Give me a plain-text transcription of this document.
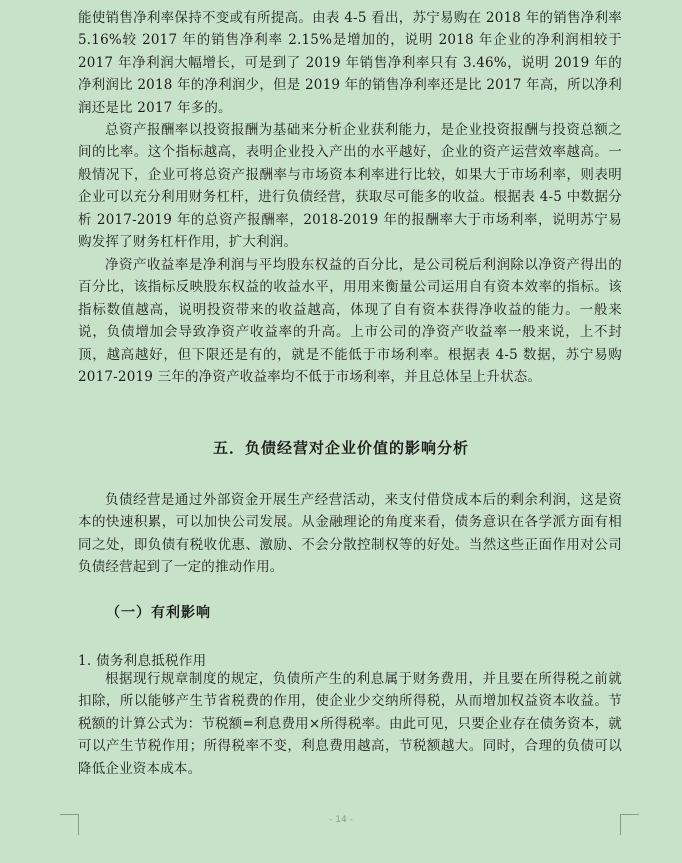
能使销售净利率保持不变或有所提高。由表 4-5 看出，苏宁易购在 2018 年的销售净利率 5.16%较 2017 年的销售净利率 2.15%是增加的，说明 2018 年企业的净利润相较于 2017 年净利润大幅增长，可是到了 2019 年销售净利率只有 3.46%，说明 2019 年的净利润比 2018 年的净利润少，但是 2019 年的销售净利率还是比 2017 年高，所以净利润还是比 2017 年多的。

总资产报酬率以投资报酬为基础来分析企业获利能力，是企业投资报酬与投资总额之间的比率。这个指标越高，表明企业投入产出的水平越好，企业的资产运营效率越高。一般情况下，企业可将总资产报酬率与市场资本利率进行比较，如果大于市场利率，则表明企业可以充分利用财务杠杆，进行负债经营，获取尽可能多的收益。根据表 4-5 中数据分析 2017-2019 年的总资产报酬率，2018-2019 年的报酬率大于市场利率，说明苏宁易购发挥了财务杠杆作用，扩大利润。

净资产收益率是净利润与平均股东权益的百分比，是公司税后利润除以净资产得出的百分比，该指标反映股东权益的收益水平，用用来衡量公司运用自有资本效率的指标。该指标数值越高，说明投资带来的收益越高，体现了自有资本获得净收益的能力。一般来说，负债增加会导致净资产收益率的升高。上市公司的净资产收益率一般来说，上不封顶，越高越好，但下限还是有的，就是不能低于市场利率。根据表 4-5 数据，苏宁易购 2017-2019 三年的净资产收益率均不低于市场利率，并且总体呈上升状态。

五．负债经营对企业价值的影响分析

负债经营是通过外部资金开展生产经营活动，来支付借贷成本后的剩余利润，这是资本的快速积累，可以加快公司发展。从金融理论的角度来看，债务意识在各学派方面有相同之处，即负债有税收优惠、激励、不会分散控制权等的好处。当然这些正面作用对公司负债经营起到了一定的推动作用。

（一）有利影响
1. 债务利息抵税作用

根据现行规章制度的规定，负债所产生的利息属于财务费用，并且要在所得税之前就扣除，所以能够产生节省税费的作用，使企业少交纳所得税，从而增加权益资本收益。节税额的计算公式为：节税额=利息费用×所得税率。由此可见，只要企业存在债务资本，就可以产生节税作用；所得税率不变，利息费用越高，节税额越大。同时，合理的负债可以降低企业资本成本。

- 14 -
